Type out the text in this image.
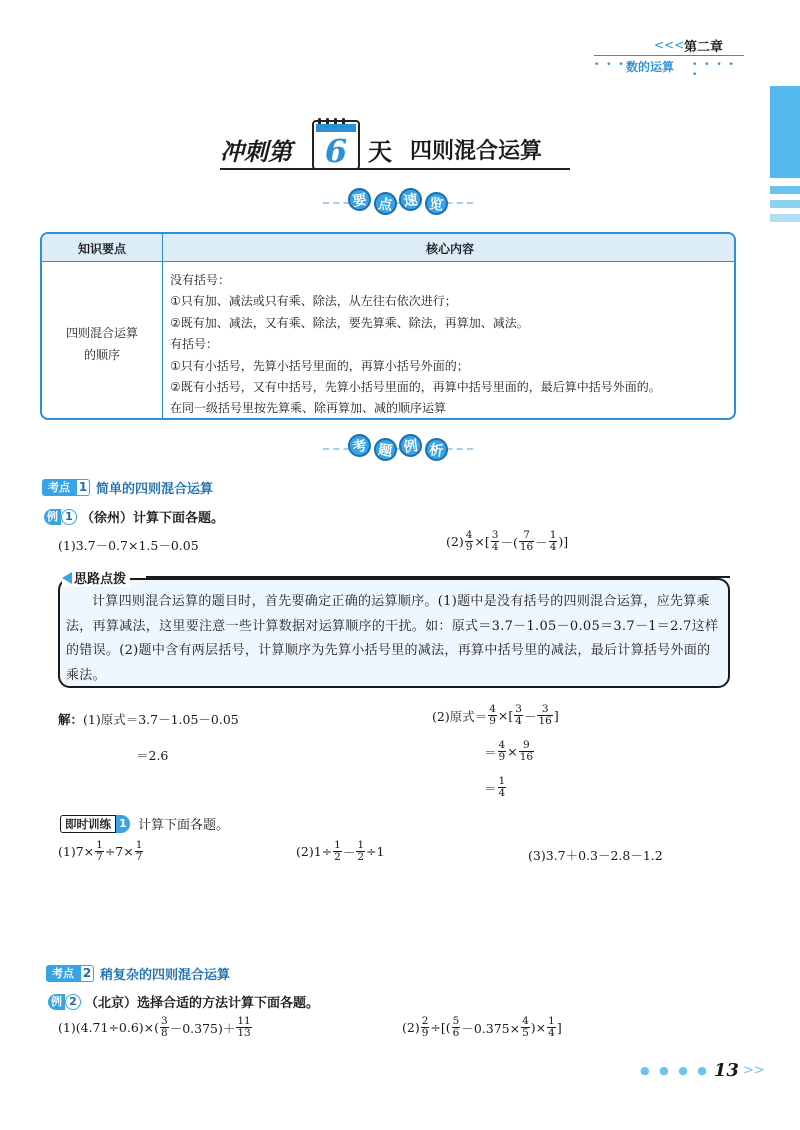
<<< 第二章
• • • •
数的运算 • • • • •
冲刺第	6 天 四则混合运算
要 点 速 览
知识要点	核心内容
四则混合运算
的顺序
没有括号：
①只有加、减法或只有乘、除法，从左往右依次进行；
②既有加、减法，又有乘、除法，要先算乘、除法，再算加、减法。
有括号：
①只有小括号，先算小括号里面的，再算小括号外面的；
②既有小括号，又有中括号，先算小括号里面的，再算中括号里面的，最后算中括号外面的。
在同一级括号里按先算乘、除再算加、减的顺序运算
考 题 例 析
考点 1 简单的四则混合运算
例 1 （徐州）计算下面各题。
(1)3.7－0.7×1.5－0.05	$(2) \frac{4}{9}$ ×[ $\frac{3}{4}$ －( $\frac{7}{16} - \frac{1}{4}$ )]
思路点拨
计算四则混合运算的题目时，首先要确定正确的运算顺序。(1)题中是没有括号的四则混合运算，应先算乘法，再算减法，这里要注意一些计算数据对运算顺序的干扰。如：原式＝3.7－1.05－0.05＝3.7－1＝2.7这样的错误。(2)题中含有两层括号，计算顺序为先算小括号里的减法，再算中括号里的减法，最后计算括号外面的乘法。
解： (1)原式＝3.7－1.05－0.05
＝2.6
(2)原式＝ $\frac{4}{9}$ ×[ $\frac{3}{4} - \frac{3}{16}$ ]
＝ $\frac{4}{9} \times \frac{9}{16}$
＝ $\frac{1}{4}$
即时训练 1 计算下面各题。
$(1)7\times \frac{1}{7} \div 7\times \frac{1}{7}$	$(2)1\div \frac{1}{2} - \frac{1}{2} \div 1$	(3)3.7＋0.3－2.8－1.2
考点 2 稍复杂的四则混合运算
例 2 （北京）选择合适的方法计算下面各题。
$(1)(4.71\div 0.6)\times( \frac{3}{8} -0.375)+ \frac{11}{13}$	$(2) \frac{2}{9}$ ÷[( $\frac{5}{6} -0.375\times \frac{4}{5}$ )× $\frac{1}{4}$ ]
● ● ● ● 13 >>
